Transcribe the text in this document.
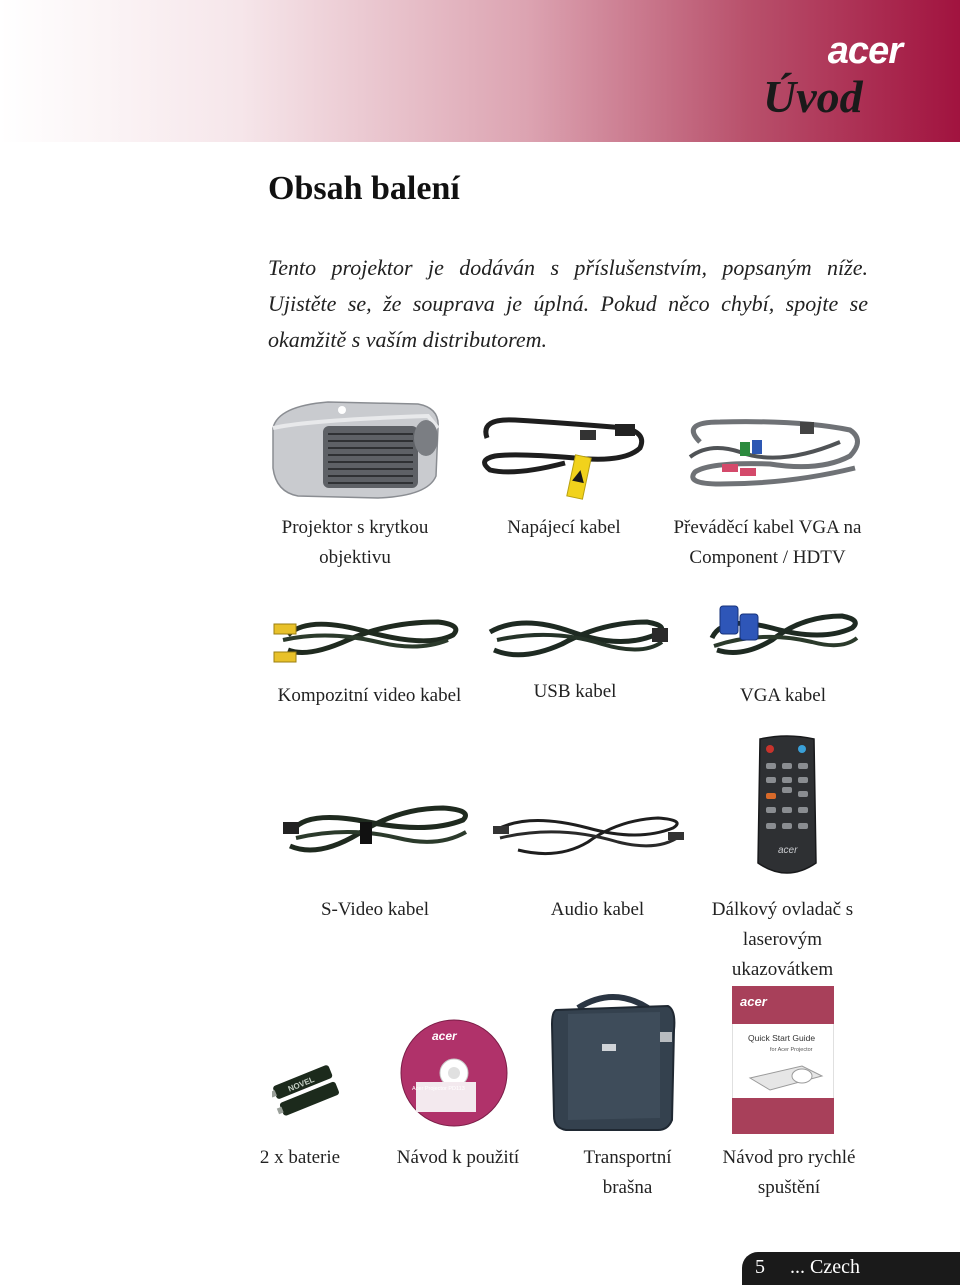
acer
Úvod
Obsah balení
Tento projektor je dodáván s příslušenstvím, popsaným níže. Ujistěte se, že souprava je úplná. Pokud něco chybí, spojte se okamžitě s vaším distributorem.
Projektor s krytkou
objektivu
Napájecí kabel	Převáděcí kabel VGA na
Component / HDTV
Kompozitní video kabel	USB kabel	VGA kabel
S-Video kabel	Audio kabel
acer
Dálkový ovladač s
laserovým
ukazovátkem
NOVEL
2 x baterie
acer
Acer Projector PD113
Návod k použití	Transportní
brašna
acer
Quick Start Guide
for Acer Projector
Návod pro rychlé
spuštění
5 ... Czech
